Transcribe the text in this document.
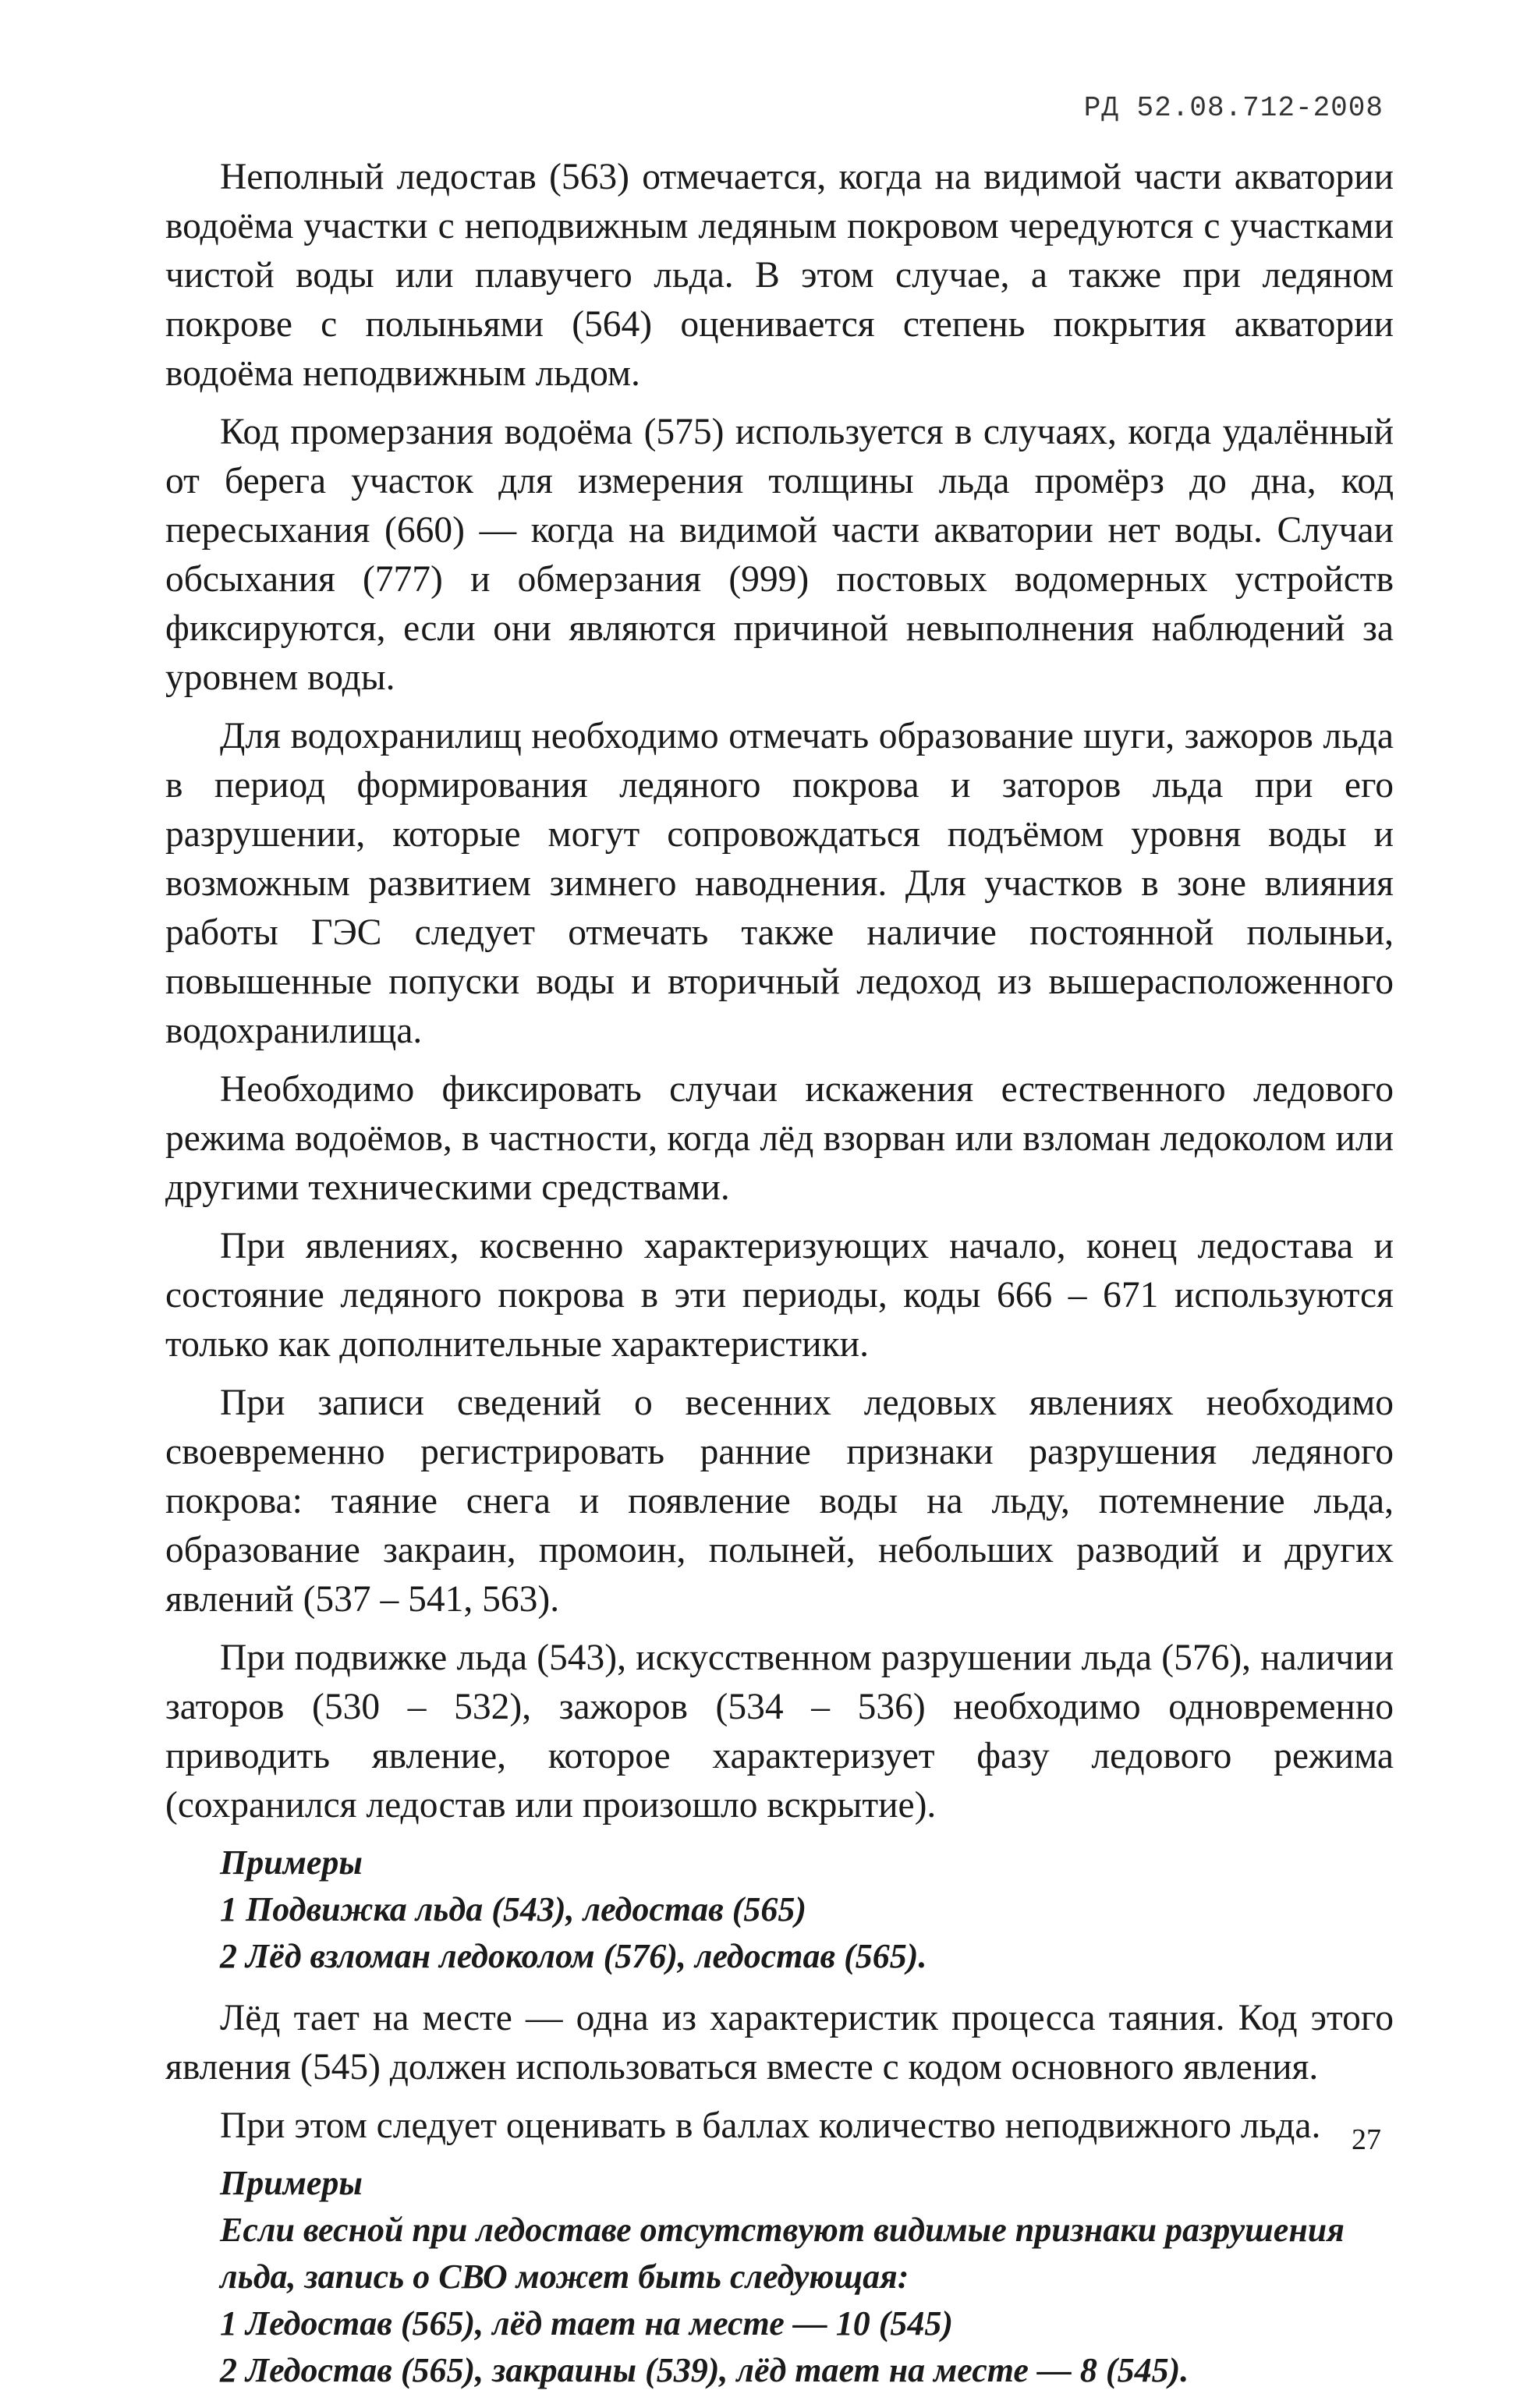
РД 52.08.712-2008

Неполный ледостав (563) отмечается, когда на видимой части акватории водоёма участки с неподвижным ледяным покровом чередуются с участками чистой воды или плавучего льда. В этом случае, а также при ледяном покрове с полыньями (564) оценивается степень покрытия акватории водоёма неподвижным льдом.

Код промерзания водоёма (575) используется в случаях, когда удалённый от берега участок для измерения толщины льда промёрз до дна, код пересыхания (660) — когда на видимой части акватории нет воды. Случаи обсыхания (777) и обмерзания (999) постовых водомерных устройств фиксируются, если они являются причиной невыполнения наблюдений за уровнем воды.

Для водохранилищ необходимо отмечать образование шуги, зажоров льда в период формирования ледяного покрова и заторов льда при его разрушении, которые могут сопровождаться подъёмом уровня воды и возможным развитием зимнего наводнения. Для участков в зоне влияния работы ГЭС следует отмечать также наличие постоянной полыньи, повышенные попуски воды и вторичный ледоход из вышерасположенного водохранилища.

Необходимо фиксировать случаи искажения естественного ледового режима водоёмов, в частности, когда лёд взорван или взломан ледоколом или другими техническими средствами.

При явлениях, косвенно характеризующих начало, конец ледостава и состояние ледяного покрова в эти периоды, коды 666 – 671 используются только как дополнительные характеристики.

При записи сведений о весенних ледовых явлениях необходимо своевременно регистрировать ранние признаки разрушения ледяного покрова: таяние снега и появление воды на льду, потемнение льда, образование закраин, промоин, полыней, небольших разводий и других явлений (537 – 541, 563).

При подвижке льда (543), искусственном разрушении льда (576), наличии заторов (530 – 532), зажоров (534 – 536) необходимо одновременно приводить явление, которое характеризует фазу ледового режима (сохранился ледостав или произошло вскрытие).

Примеры
1 Подвижка льда (543), ледостав (565)
2 Лёд взломан ледоколом (576), ледостав (565).

Лёд тает на месте — одна из характеристик процесса таяния. Код этого явления (545) должен использоваться вместе с кодом основного явления.

При этом следует оценивать в баллах количество неподвижного льда.

Примеры
Если весной при ледоставе отсутствуют видимые признаки разрушения льда, запись о СВО может быть следующая:
1 Ледостав (565), лёд тает на месте — 10 (545)
2 Ледостав (565), закраины (539), лёд тает на месте — 8 (545).
27
